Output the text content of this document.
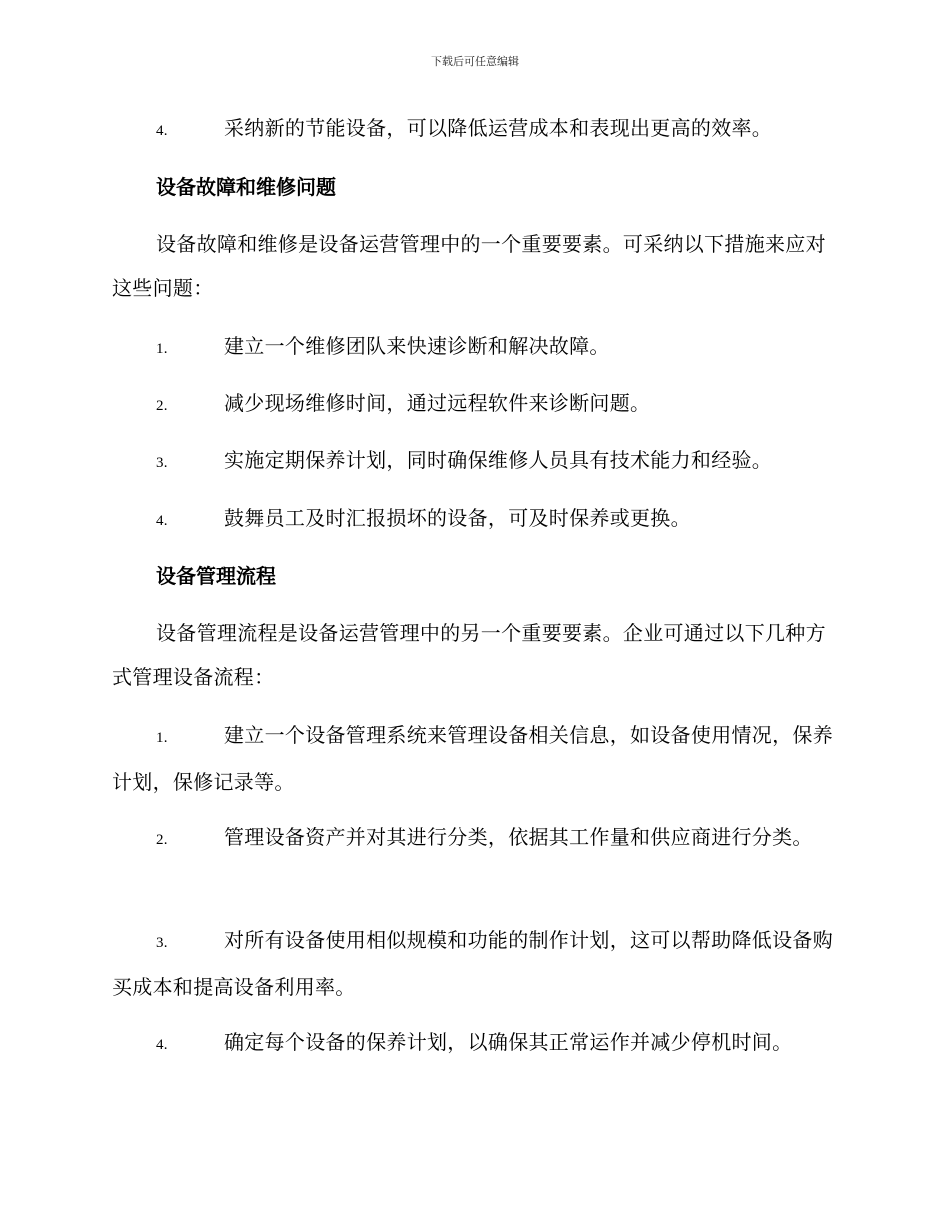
下载后可任意编辑
4.	采纳新的节能设备，可以降低运营成本和表现出更高的效率。
设备故障和维修问题
设备故障和维修是设备运营管理中的一个重要要素。可采纳以下措施来应对这些问题：
1.	建立一个维修团队来快速诊断和解决故障。
2.	减少现场维修时间，通过远程软件来诊断问题。
3.	实施定期保养计划，同时确保维修人员具有技术能力和经验。
4.	鼓舞员工及时汇报损坏的设备，可及时保养或更换。
设备管理流程
设备管理流程是设备运营管理中的另一个重要要素。企业可通过以下几种方式管理设备流程：
1.	建立一个设备管理系统来管理设备相关信息，如设备使用情况，保养计划，保修记录等。
2.	管理设备资产并对其进行分类，依据其工作量和供应商进行分类。
3.	对所有设备使用相似规模和功能的制作计划，这可以帮助降低设备购买成本和提高设备利用率。
4.	确定每个设备的保养计划，以确保其正常运作并减少停机时间。
